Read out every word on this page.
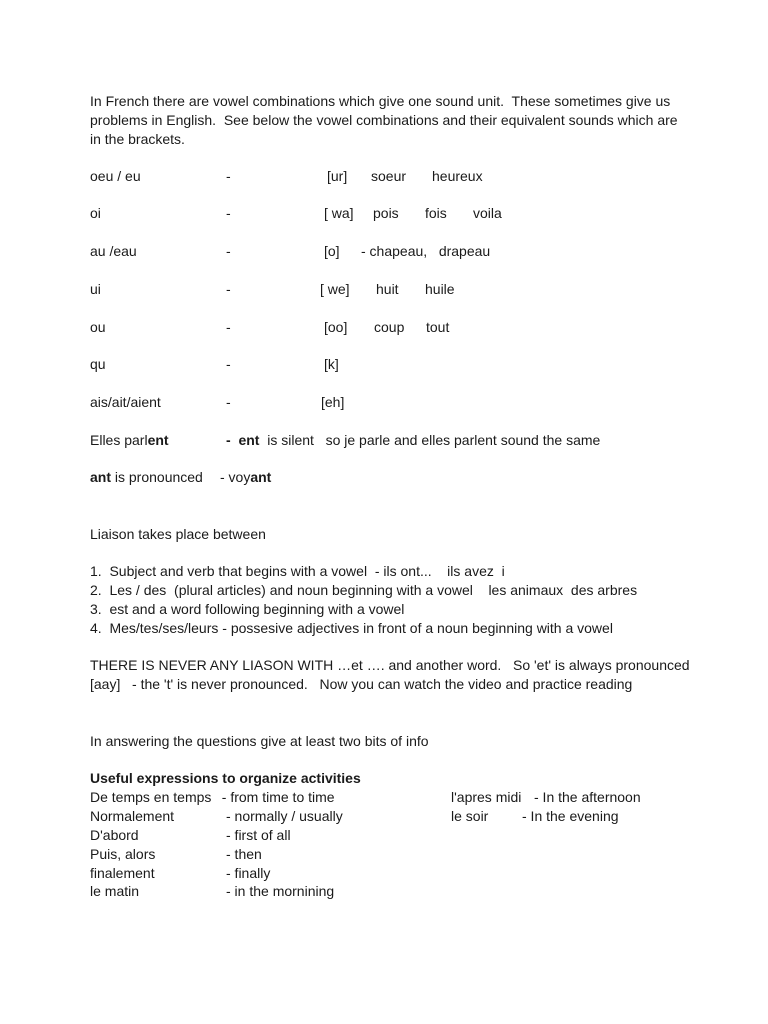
In French there are vowel combinations which give one sound unit.  These sometimes give us problems in English.  See below the vowel combinations and their equivalent sounds which are in the brackets.
oeu / eu	-	[ur] soeur heureux
oi	-	[ wa] pois fois voila
au /eau	-	[o] - chapeau,   drapeau
ui	-	[ we] huit huile
ou	-	[oo] coup tout
qu	-	[k]
ais/ait/aient	-	[eh]
Elles parlent	-  ent  is silent   so je parle and elles parlent sound the same
ant is pronounced - voyant
Liaison takes place between
1.  Subject and verb that begins with a vowel  - ils ont...    ils avez  i
2.  Les / des  (plural articles) and noun beginning with a vowel    les animaux  des arbres
3.  est and a word following beginning with a vowel
4.  Mes/tes/ses/leurs - possesive adjectives in front of a noun beginning with a vowel
THERE IS NEVER ANY LIASON WITH …et …. and another word.   So 'et' is always pronounced    [aay]   - the 't' is never pronounced.   Now you can watch the video and practice reading
In answering the questions give at least two bits of info
Useful expressions to organize activities
De temps en temps - from time to time
Normalement	- normally / usually
D'abord	- first of all
Puis, alors	- then
finalement	- finally
le matin	- in the mornining
l'apres midi - In the afternoon
le soir - In the evening
